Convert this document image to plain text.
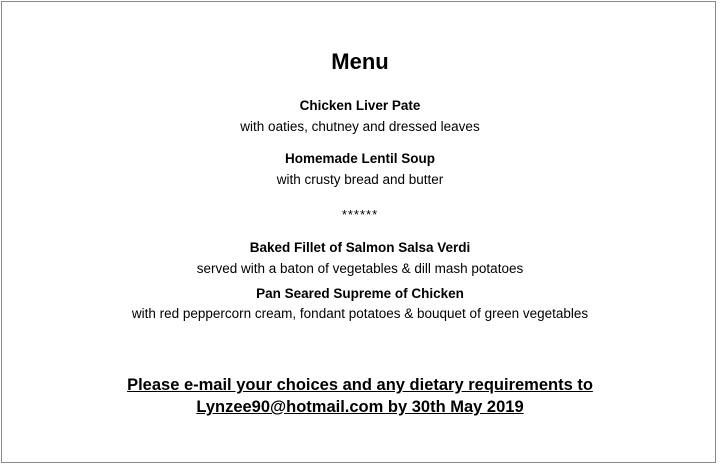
Menu
Chicken Liver Pate
with oaties, chutney and dressed leaves
Homemade Lentil Soup
with crusty bread and butter
******
Baked Fillet of Salmon Salsa Verdi
served with a baton of vegetables & dill mash potatoes
Pan Seared Supreme of Chicken
with red peppercorn cream, fondant potatoes & bouquet of green vegetables
Please e-mail your choices and any dietary requirements to
Lynzee90@hotmail.com by 30th May 2019
